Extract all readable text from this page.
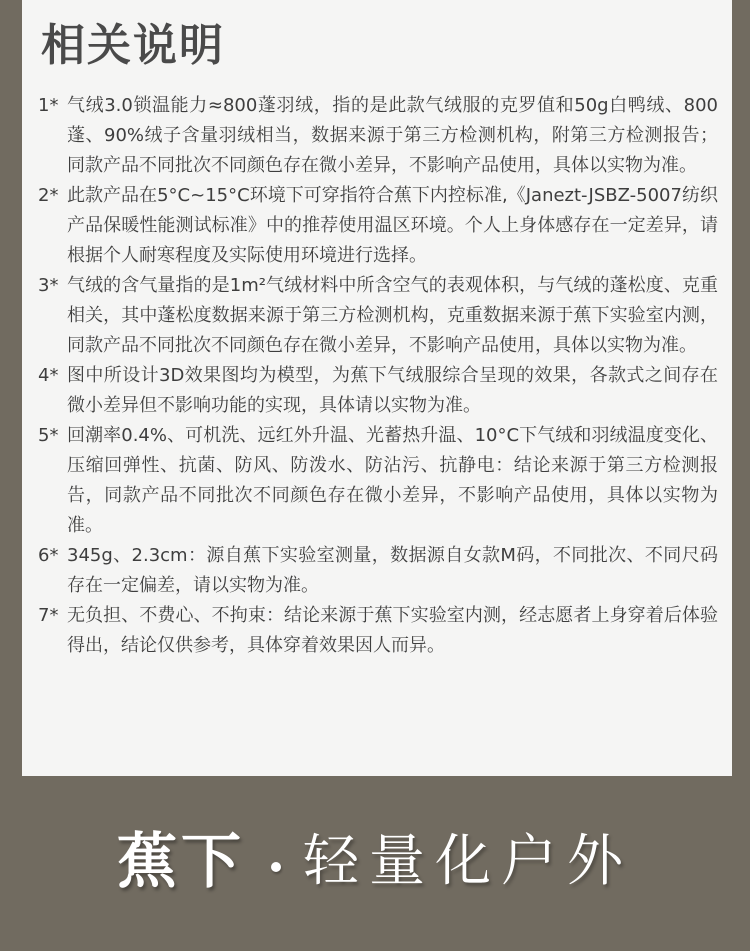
相关说明
1* 气绒3.0锁温能力≈800蓬羽绒，指的是此款气绒服的克罗值和50g白鸭绒、800蓬、90%绒子含量羽绒相当，数据来源于第三方检测机构，附第三方检测报告；同款产品不同批次不同颜色存在微小差异，不影响产品使用，具体以实物为准。
2* 此款产品在5°C~15°C环境下可穿指符合蕉下内控标准,《Janezt-JSBZ-5007纺织产品保暖性能测试标准》中的推荐使用温区环境。个人上身体感存在一定差异，请根据个人耐寒程度及实际使用环境进行选择。
3* 气绒的含气量指的是1m²气绒材料中所含空气的表观体积，与气绒的蓬松度、克重相关，其中蓬松度数据来源于第三方检测机构，克重数据来源于蕉下实验室内测，同款产品不同批次不同颜色存在微小差异，不影响产品使用，具体以实物为准。
4* 图中所设计3D效果图均为模型，为蕉下气绒服综合呈现的效果，各款式之间存在微小差异但不影响功能的实现，具体请以实物为准。
5* 回潮率0.4%、可机洗、远红外升温、光蓄热升温、10°C下气绒和羽绒温度变化、压缩回弹性、抗菌、防风、防泼水、防沾污、抗静电：结论来源于第三方检测报告，同款产品不同批次不同颜色存在微小差异，不影响产品使用，具体以实物为准。
6* 345g、2.3cm：源自蕉下实验室测量，数据源自女款M码，不同批次、不同尺码存在一定偏差，请以实物为准。
7* 无负担、不费心、不拘束：结论来源于蕉下实验室内测，经志愿者上身穿着后体验得出，结论仅供参考，具体穿着效果因人而异。
蕉下 轻量化户外
